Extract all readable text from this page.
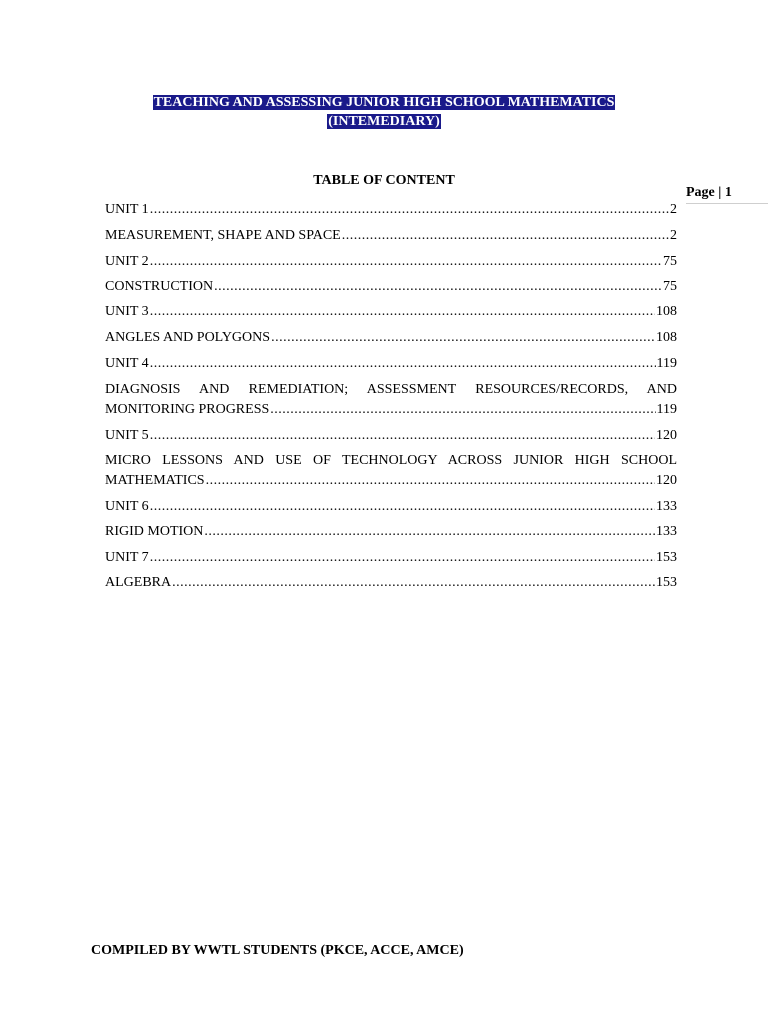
TEACHING AND ASSESSING JUNIOR HIGH SCHOOL MATHEMATICS
(INTEMEDIARY)
TABLE OF CONTENT
Page | 1
UNIT 1 .....	2
MEASUREMENT, SHAPE AND SPACE .....	2
UNIT 2 .....	75
CONSTRUCTION .....	75
UNIT 3 .....	108
ANGLES AND POLYGONS .....	108
UNIT 4 .....	119
DIAGNOSIS AND REMEDIATION; ASSESSMENT RESOURCES/RECORDS, AND
MONITORING PROGRESS .....	119
UNIT 5 .....	120
MICRO LESSONS AND USE OF TECHNOLOGY ACROSS JUNIOR HIGH SCHOOL
MATHEMATICS .....	120
UNIT 6 .....	133
RIGID MOTION .....	133
UNIT 7 .....	153
ALGEBRA .....	153
COMPILED BY WWTL STUDENTS (PKCE, ACCE, AMCE)
